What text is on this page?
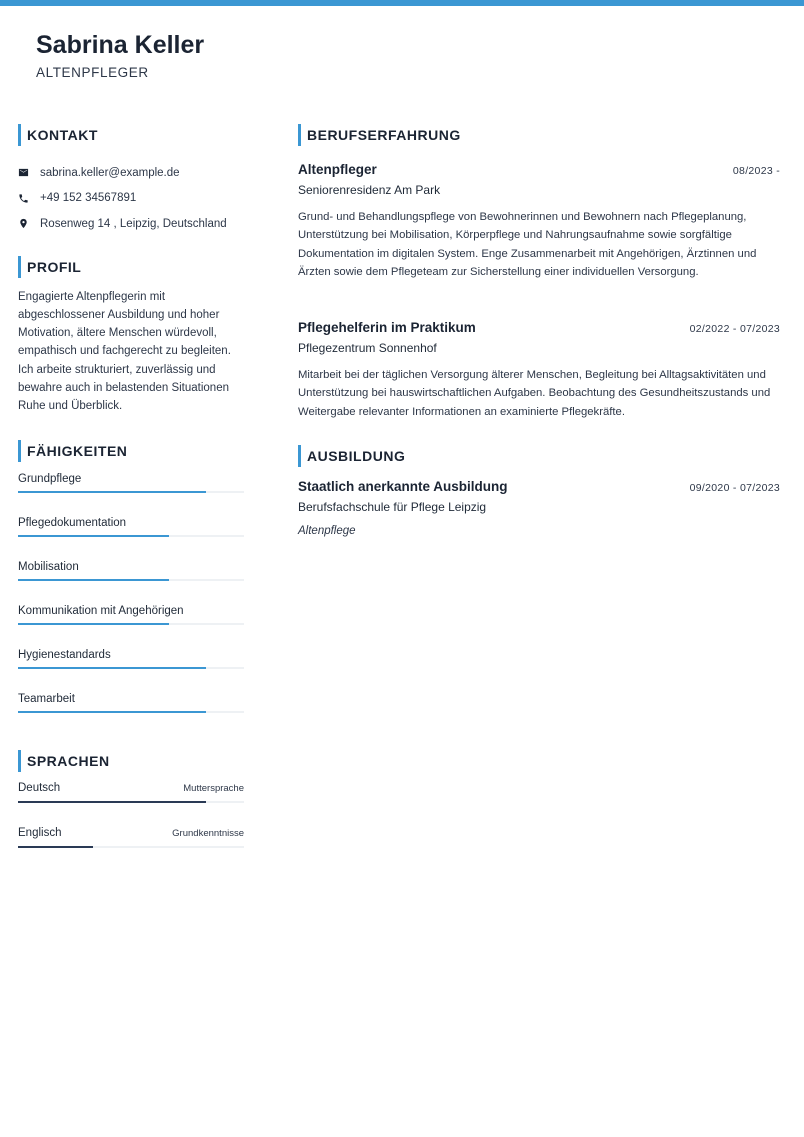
Sabrina Keller
ALTENPFLEGER
KONTAKT
sabrina.keller@example.de
+49 152 34567891
Rosenweg 14 , Leipzig, Deutschland
PROFIL
Engagierte Altenpflegerin mit abgeschlossener Ausbildung und hoher Motivation, ältere Menschen würdevoll, empathisch und fachgerecht zu begleiten. Ich arbeite strukturiert, zuverlässig und bewahre auch in belastenden Situationen Ruhe und Überblick.
FÄHIGKEITEN
Grundpflege
Pflegedokumentation
Mobilisation
Kommunikation mit Angehörigen
Hygienestandards
Teamarbeit
SPRACHEN
Deutsch	Muttersprache
Englisch	Grundkenntnisse
BERUFSERFAHRUNG
Altenpfleger	08/2023 -
Seniorenresidenz Am Park
Grund- und Behandlungspflege von Bewohnerinnen und Bewohnern nach Pflegeplanung, Unterstützung bei Mobilisation, Körperpflege und Nahrungsaufnahme sowie sorgfältige Dokumentation im digitalen System. Enge Zusammenarbeit mit Angehörigen, Ärztinnen und Ärzten sowie dem Pflegeteam zur Sicherstellung einer individuellen Versorgung.
Pflegehelferin im Praktikum	02/2022 - 07/2023
Pflegezentrum Sonnenhof
Mitarbeit bei der täglichen Versorgung älterer Menschen, Begleitung bei Alltagsaktivitäten und Unterstützung bei hauswirtschaftlichen Aufgaben. Beobachtung des Gesundheitszustands und Weitergabe relevanter Informationen an examinierte Pflegekräfte.
AUSBILDUNG
Staatlich anerkannte Ausbildung	09/2020 - 07/2023
Berufsfachschule für Pflege Leipzig
Altenpflege
